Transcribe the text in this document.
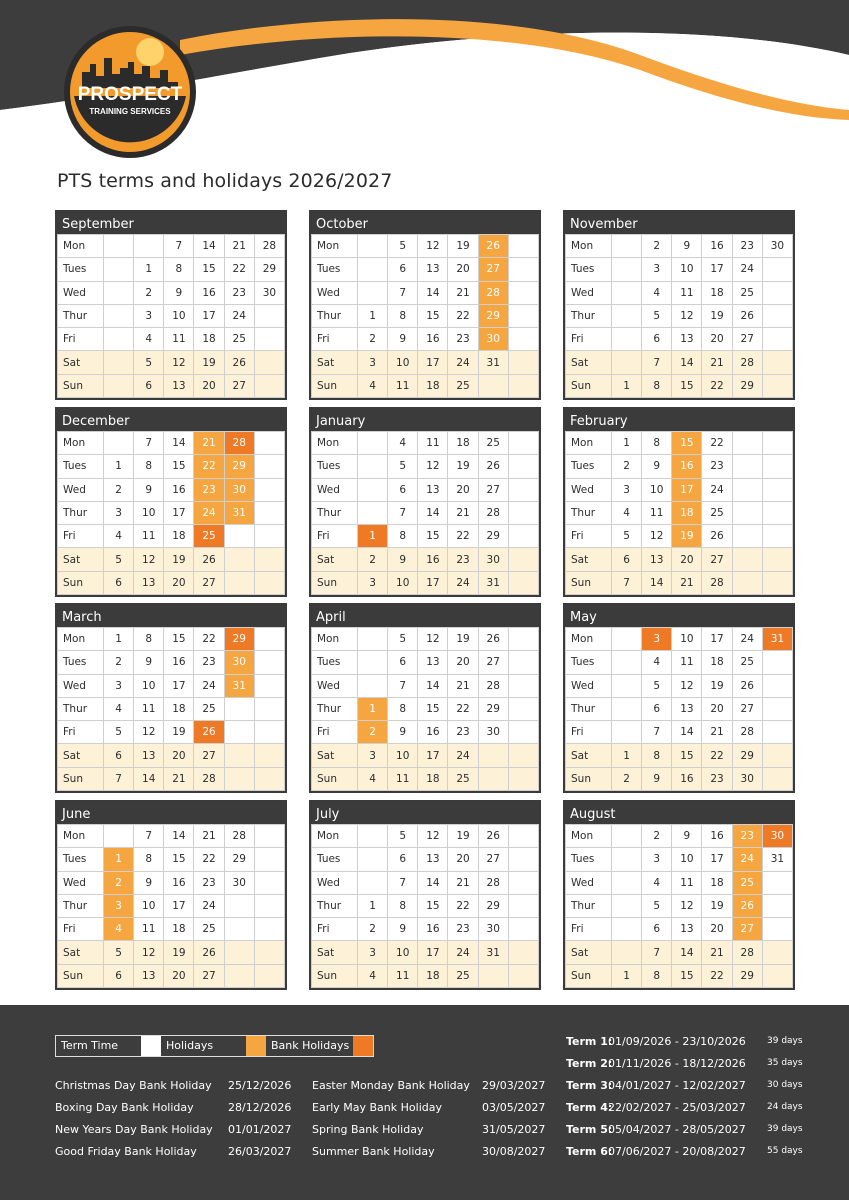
PROSPECT
TRAINING SERVICES
PTS terms and holidays 2026/2027
September
Mon			7	14	21	28
Tues		1	8	15	22	29
Wed		2	9	16	23	30
Thur		3	10	17	24	
Fri		4	11	18	25	
Sat		5	12	19	26	
Sun		6	13	20	27	
October
Mon		5	12	19	26	
Tues		6	13	20	27	
Wed		7	14	21	28	
Thur	1	8	15	22	29	
Fri	2	9	16	23	30	
Sat	3	10	17	24	31	
Sun	4	11	18	25		
November
Mon		2	9	16	23	30
Tues		3	10	17	24	
Wed		4	11	18	25	
Thur		5	12	19	26	
Fri		6	13	20	27	
Sat		7	14	21	28	
Sun	1	8	15	22	29	
December
Mon		7	14	21	28	
Tues	1	8	15	22	29	
Wed	2	9	16	23	30	
Thur	3	10	17	24	31	
Fri	4	11	18	25		
Sat	5	12	19	26		
Sun	6	13	20	27		
January
Mon		4	11	18	25	
Tues		5	12	19	26	
Wed		6	13	20	27	
Thur		7	14	21	28	
Fri	1	8	15	22	29	
Sat	2	9	16	23	30	
Sun	3	10	17	24	31	
February
Mon	1	8	15	22		
Tues	2	9	16	23		
Wed	3	10	17	24		
Thur	4	11	18	25		
Fri	5	12	19	26		
Sat	6	13	20	27		
Sun	7	14	21	28		
March
Mon	1	8	15	22	29	
Tues	2	9	16	23	30	
Wed	3	10	17	24	31	
Thur	4	11	18	25		
Fri	5	12	19	26		
Sat	6	13	20	27		
Sun	7	14	21	28		
April
Mon		5	12	19	26	
Tues		6	13	20	27	
Wed		7	14	21	28	
Thur	1	8	15	22	29	
Fri	2	9	16	23	30	
Sat	3	10	17	24		
Sun	4	11	18	25		
May
Mon		3	10	17	24	31
Tues		4	11	18	25	
Wed		5	12	19	26	
Thur		6	13	20	27	
Fri		7	14	21	28	
Sat	1	8	15	22	29	
Sun	2	9	16	23	30	
June
Mon		7	14	21	28	
Tues	1	8	15	22	29	
Wed	2	9	16	23	30	
Thur	3	10	17	24		
Fri	4	11	18	25		
Sat	5	12	19	26		
Sun	6	13	20	27		
July
Mon		5	12	19	26	
Tues		6	13	20	27	
Wed		7	14	21	28	
Thur	1	8	15	22	29	
Fri	2	9	16	23	30	
Sat	3	10	17	24	31	
Sun	4	11	18	25		
August
Mon		2	9	16	23	30
Tues		3	10	17	24	31
Wed		4	11	18	25	
Thur		5	12	19	26	
Fri		6	13	20	27	
Sat		7	14	21	28	
Sun	1	8	15	22	29	
Term Time	Holidays	Bank Holidays
Christmas Day Bank Holiday 25/12/2026
Boxing Day Bank Holiday	28/12/2026
New Years Day Bank Holiday 01/01/2027
Good Friday Bank Holiday	26/03/2027
Easter Monday Bank Holiday 29/03/2027
Early May Bank Holiday	03/05/2027
Spring Bank Holiday	31/05/2027
Summer Bank Holiday	30/08/2027
Term 1:
01/09/2026 - 23/10/2026 39 days
Term 2:
01/11/2026 - 18/12/2026 35 days
Term 3:
04/01/2027 - 12/02/2027 30 days
Term 4:
22/02/2027 - 25/03/2027 24 days
Term 5:
05/04/2027 - 28/05/2027 39 days
Term 6:
07/06/2027 - 20/08/2027 55 days
